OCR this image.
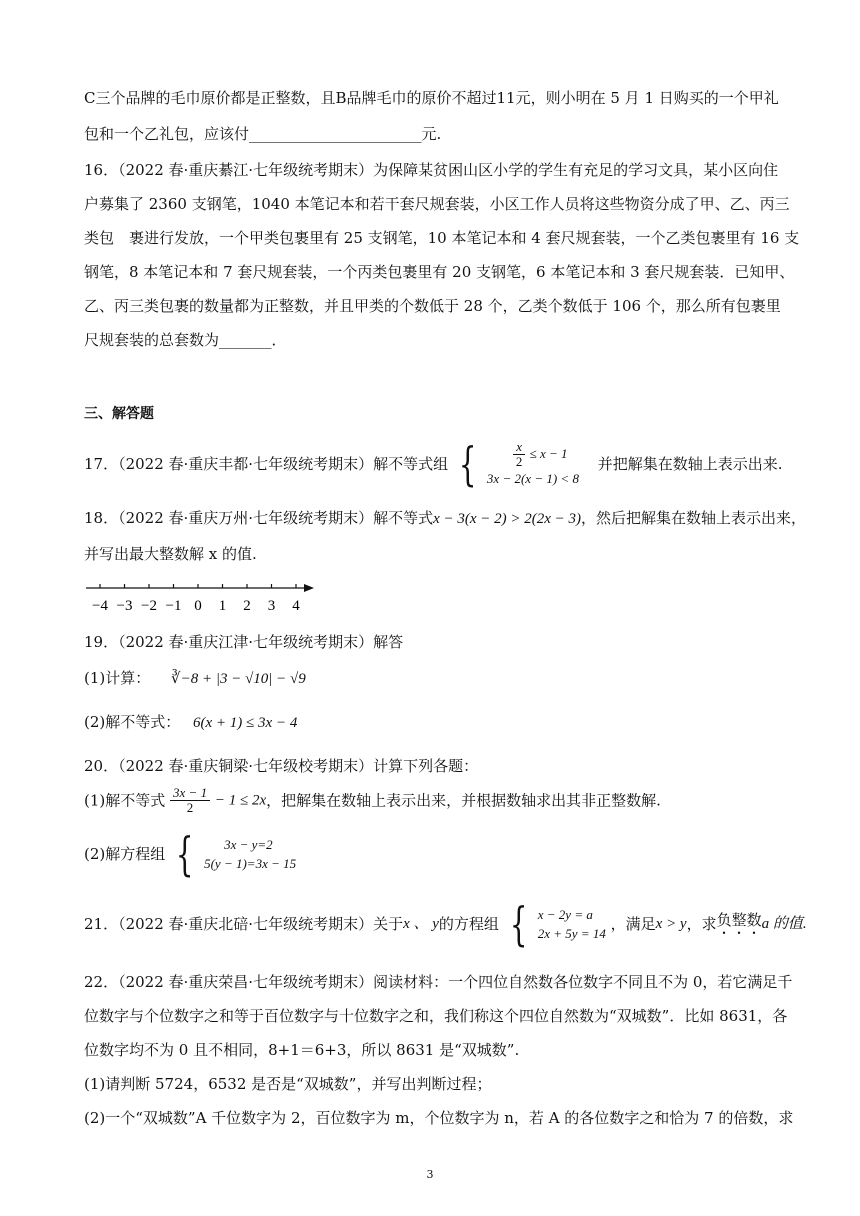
C三个品牌的毛巾原价都是正整数，且B品牌毛巾的原价不超过11元，则小明在 5 月 1 日购买的一个甲礼
包和一个乙礼包，应该付_______________________元.
16．（2022 春·重庆綦江·七年级统考期末）为保障某贫困山区小学的学生有充足的学习文具，某小区向住
户募集了 2360 支钢笔，1040 本笔记本和若干套尺规套装，小区工作人员将这些物资分成了甲、乙、丙三
类包　裹进行发放，一个甲类包裹里有 25 支钢笔，10 本笔记本和 4 套尺规套装，一个乙类包裹里有 16 支
钢笔，8 本笔记本和 7 套尺规套装，一个丙类包裹里有 20 支钢笔，6 本笔记本和 3 套尺规套装．已知甲、
乙、丙三类包裹的数量都为正整数，并且甲类的个数低于 28 个，乙类个数低于 106 个，那么所有包裹里
尺规套装的总套数为_______．
三、解答题
17．（2022 春·重庆丰都·七年级统考期末）解不等式组 {	$\frac{x}{2} \le x - 1$
3x − 2(x − 1) < 8
并把解集在数轴上表示出来.
18．（2022 春·重庆万州·七年级统考期末）解不等式x − 3(x − 2) > 2(2x − 3)，然后把解集在数轴上表示出来，
并写出最大整数解 x 的值.
−4 −3 −2 −1 0 1 2 3 4
19．（2022 春·重庆江津·七年级统考期末）解答
(1)计算： ∛−8 + |3 − √10| − √9
(2)解不等式： 6(x + 1) ≤ 3x − 4
20．（2022 春·重庆铜梁·七年级校考期末）计算下列各题：
(1)解不等式 $\frac{3x - 1}{2} - 1 \le 2x$，把解集在数轴上表示出来，并根据数轴求出其非正整数解.
(2)解方程组 {	3x − y=2
5(y − 1)=3x − 15
21．（2022 春·重庆北碚·七年级统考期末）关于x 、 y的方程组 { x − 2y = a
2x + 5y = 14
，满足x > y，求负整数a 的值.
22．（2022 春·重庆荣昌·七年级统考期末）阅读材料：一个四位自然数各位数字不同且不为 0，若它满足千
位数字与个位数字之和等于百位数字与十位数字之和，我们称这个四位自然数为“双城数”．比如 8631，各
位数字均不为 0 且不相同，8+1＝6+3，所以 8631 是“双城数”.
(1)请判断 5724，6532 是否是“双城数”，并写出判断过程；
(2)一个“双城数”A 千位数字为 2，百位数字为 m，个位数字为 n，若 A 的各位数字之和恰为 7 的倍数，求
3
